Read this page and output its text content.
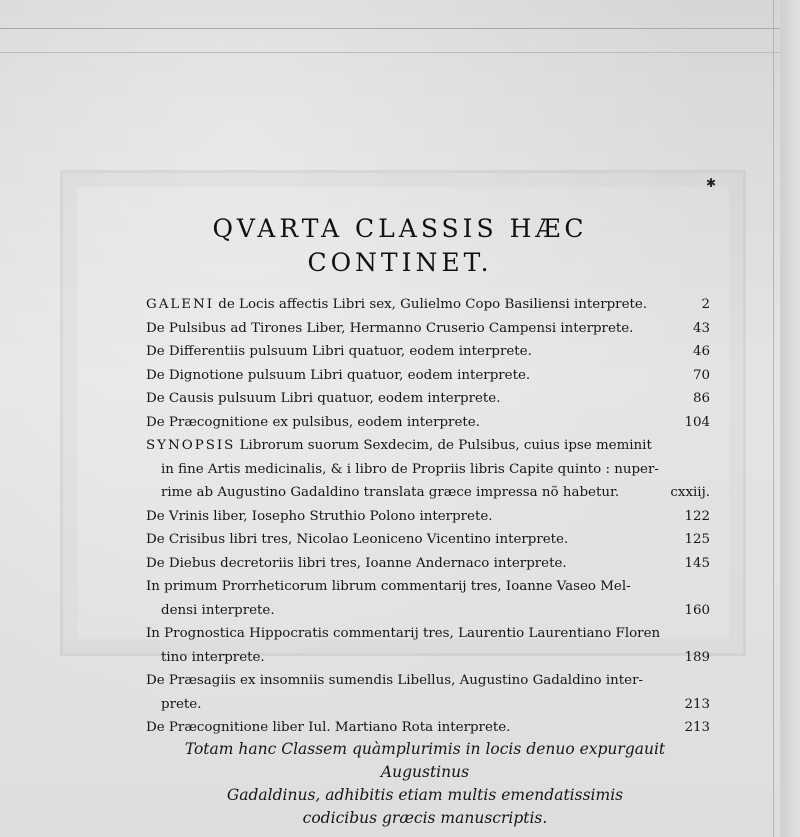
✱
QVARTA CLASSIS HÆC
CONTINET.
GALENI de Locis affectis Libri sex, Gulielmo Copo Basiliensi interprete.	2
De Pulsibus ad Tirones Liber, Hermanno Cruserio Campensi interprete.	43
De Differentiis pulsuum Libri quatuor, eodem interprete.	46
De Dignotione pulsuum Libri quatuor, eodem interprete.	70
De Causis pulsuum Libri quatuor, eodem interprete.	86
De Præcognitione ex pulsibus, eodem interprete.	104
SYNOPSIS Librorum suorum Sexdecim, de Pulsibus, cuius ipse meminit
in fine Artis medicinalis, & i libro de Propriis libris Capite quinto : nuper-
rime ab Augustino Gadaldino translata græce impressa nõ habetur.	cxxiij.
De Vrinis liber, Iosepho Struthio Polono interprete.	122
De Crisibus libri tres, Nicolao Leoniceno Vicentino interprete.	125
De Diebus decretoriis libri tres, Ioanne Andernaco interprete.	145
In primum Prorrheticorum librum commentarij tres, Ioanne Vaseo Mel-
densi interprete.	160
In Prognostica Hippocratis commentarij tres, Laurentio Laurentiano Floren
tino interprete.	189
De Præsagiis ex insomniis sumendis Libellus, Augustino Gadaldino inter-
prete.	213
De Præcognitione liber Iul. Martiano Rota interprete.	213
Totam hanc Classem quàmplurimis in locis denuo expurgauit Augustinus
Gadaldinus, adhibitis etiam multis emendatissimis
codicibus græcis manuscriptis.
